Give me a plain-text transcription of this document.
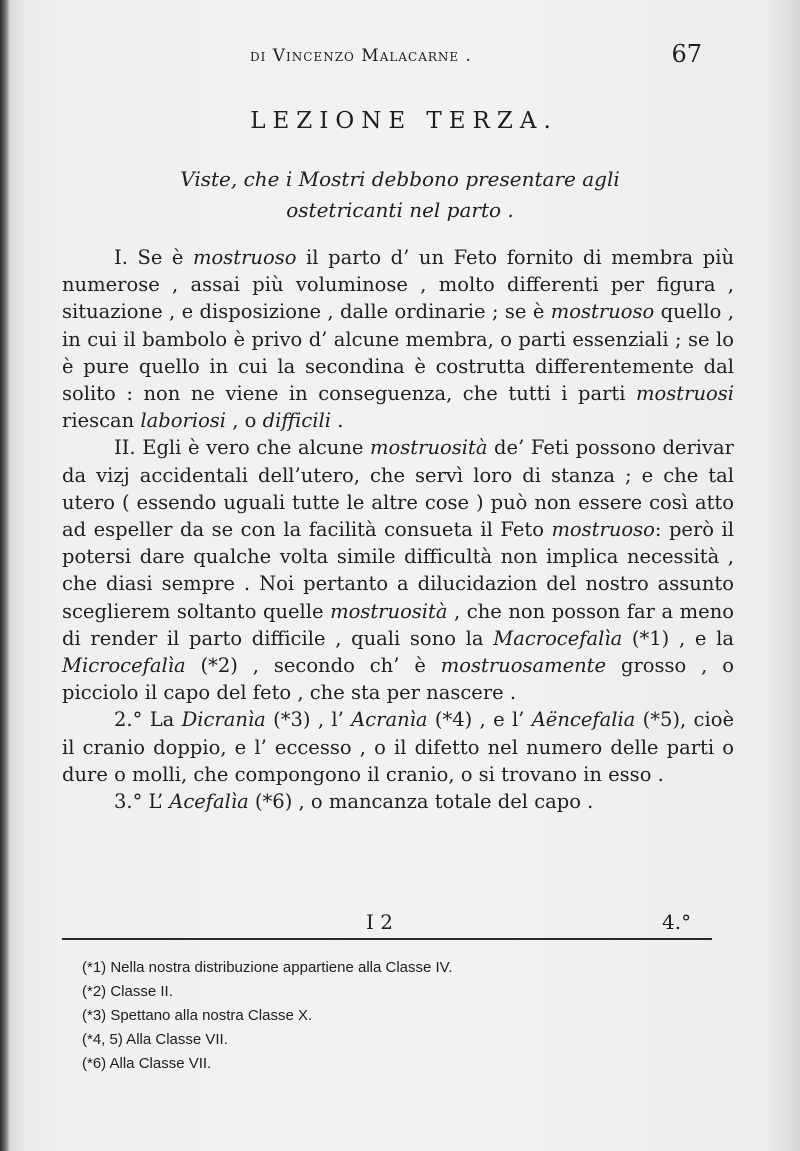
di Vincenzo Malacarne .	67
LEZIONE TERZA.
Viste, che i Mostri debbono presentare agli ostetricanti nel parto .

I. Se è mostruoso il parto d’ un Feto fornito di membra più numerose , assai più voluminose , molto differenti per figura , situazione , e disposizione , dalle ordinarie ; se è mostruoso quello , in cui il bambolo è privo d’ alcune membra, o parti essenziali ; se lo è pure quello in cui la secondina è costrutta differentemente dal solito : non ne viene in conseguenza, che tutti i parti mostruosi riescan laboriosi , o difficili .

II. Egli è vero che alcune mostruosità de’ Feti possono derivar da vizj accidentali dell’utero, che servì loro di stanza ; e che tal utero ( essendo uguali tutte le altre cose ) può non essere così atto ad espeller da se con la facilità consueta il Feto mostruoso: però il potersi dare qualche volta simile difficultà non implica necessità , che diasi sempre . Noi pertanto a dilucidazion del nostro assunto sceglierem soltanto quelle mostruosità , che non posson far a meno di render il parto difficile , quali sono la Macrocefalìa (*1) , e la Microcefalìa (*2) , secondo ch’ è mostruosamente grosso , o picciolo il capo del feto , che sta per nascere .

2.° La Dicranìa (*3) , l’ Acranìa (*4) , e l’ Aëncefalia (*5), cioè il cranio doppio, e l’ eccesso , o il difetto nel numero delle parti o dure o molli, che compongono il cranio, o si trovano in esso .

3.° L’ Acefalìa (*6) , o mancanza totale del capo .

I 2	4.°
(*1) Nella nostra distribuzione appartiene alla Classe IV.
(*2) Classe II.
(*3) Spettano alla nostra Classe X.
(*4, 5) Alla Classe VII.
(*6) Alla Classe VII.
